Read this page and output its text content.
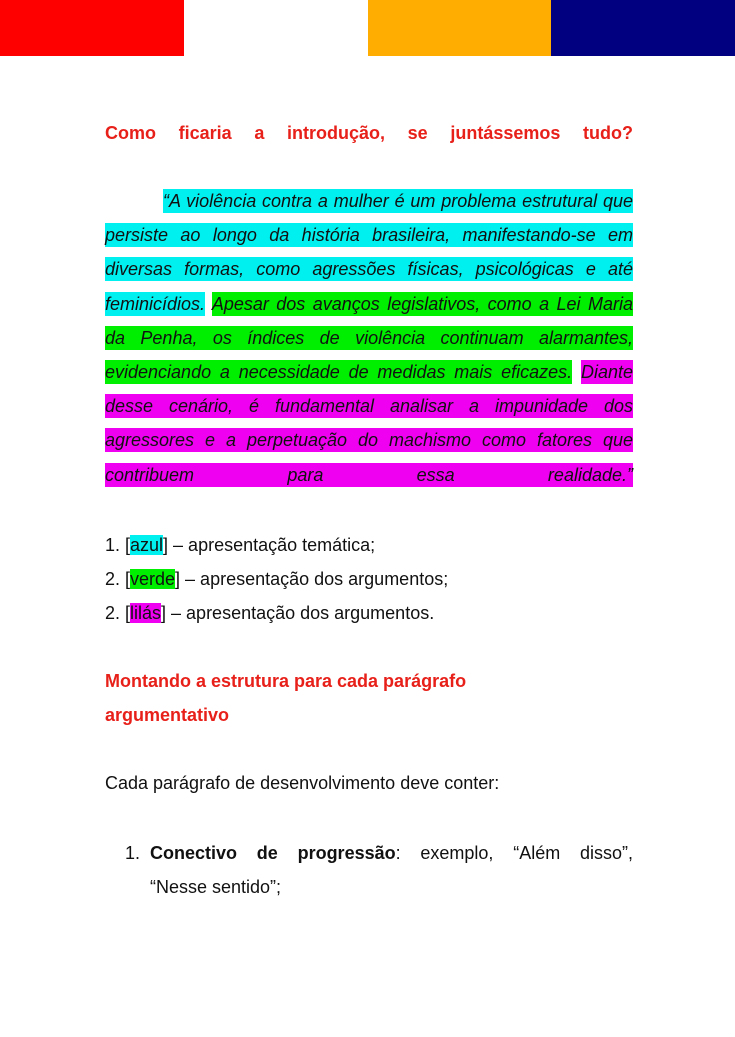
Como ficaria a introdução, se juntássemos tudo?

“A violência contra a mulher é um problema estrutural que persiste ao longo da história brasileira, manifestando-se em diversas formas, como agressões físicas, psicológicas e até feminicídios. Apesar dos avanços legislativos, como a Lei Maria da Penha, os índices de violência continuam alarmantes, evidenciando a necessidade de medidas mais eficazes. Diante desse cenário, é fundamental analisar a impunidade dos agressores e a perpetuação do machismo como fatores que contribuem para essa realidade.”

1. [azul] – apresentação temática;
2. [verde] – apresentação dos argumentos;
2. [lilás] – apresentação dos argumentos.
Montando a estrutura para cada parágrafo
argumentativo

Cada parágrafo de desenvolvimento deve conter:

1. Conectivo de progressão: exemplo, “Além disso”,
“Nesse sentido”;
